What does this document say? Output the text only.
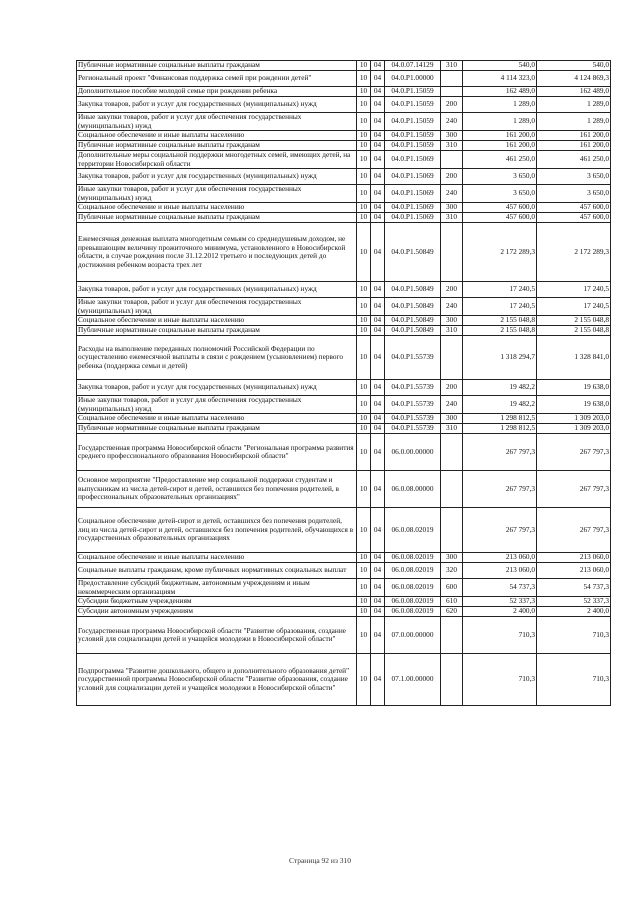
Публичные нормативные социальные выплаты гражданам	10	04	04.0.07.14129	310	540,0	540,0
Региональный проект "Финансовая поддержка семей при рождении детей"	10	04	04.0.P1.00000		4 114 323,0	4 124 869,3
Дополнительное пособие молодой семье при рождении ребенка	10	04	04.0.P1.15059		162 489,0	162 489,0
Закупка товаров, работ и услуг для государственных (муниципальных) нужд	10	04	04.0.P1.15059	200	1 289,0	1 289,0
Иные закупки товаров, работ и услуг для обеспечения государственных (муниципальных) нужд	10	04	04.0.P1.15059	240	1 289,0	1 289,0
Социальное обеспечение и иные выплаты населению	10	04	04.0.P1.15059	300	161 200,0	161 200,0
Публичные нормативные социальные выплаты гражданам	10	04	04.0.P1.15059	310	161 200,0	161 200,0
Дополнительные меры социальной поддержки многодетных семей, имеющих детей, на территории Новосибирской области	10	04	04.0.P1.15069		461 250,0	461 250,0
Закупка товаров, работ и услуг для государственных (муниципальных) нужд	10	04	04.0.P1.15069	200	3 650,0	3 650,0
Иные закупки товаров, работ и услуг для обеспечения государственных (муниципальных) нужд	10	04	04.0.P1.15069	240	3 650,0	3 650,0
Социальное обеспечение и иные выплаты населению	10	04	04.0.P1.15069	300	457 600,0	457 600,0
Публичные нормативные социальные выплаты гражданам	10	04	04.0.P1.15069	310	457 600,0	457 600,0
Ежемесячная денежная выплата многодетным семьям со среднедушевым доходом, не превышающим величину прожиточного минимума, установленного в Новосибирской области, в случае рождения после 31.12.2012 третьего и последующих детей до достижения ребенком возраста трех лет	10	04	04.0.P1.50849		2 172 289,3	2 172 289,3
Закупка товаров, работ и услуг для государственных (муниципальных) нужд	10	04	04.0.P1.50849	200	17 240,5	17 240,5
Иные закупки товаров, работ и услуг для обеспечения государственных (муниципальных) нужд	10	04	04.0.P1.50849	240	17 240,5	17 240,5
Социальное обеспечение и иные выплаты населению	10	04	04.0.P1.50849	300	2 155 048,8	2 155 048,8
Публичные нормативные социальные выплаты гражданам	10	04	04.0.P1.50849	310	2 155 048,8	2 155 048,8
Расходы на выполнение переданных полномочий Российской Федерации по осуществлению ежемесячной выплаты в связи с рождением (усыновлением) первого ребенка (поддержка семьи и детей)	10	04	04.0.P1.55739		1 318 294,7	1 328 841,0
Закупка товаров, работ и услуг для государственных (муниципальных) нужд	10	04	04.0.P1.55739	200	19 482,2	19 638,0
Иные закупки товаров, работ и услуг для обеспечения государственных (муниципальных) нужд	10	04	04.0.P1.55739	240	19 482,2	19 638,0
Социальное обеспечение и иные выплаты населению	10	04	04.0.P1.55739	300	1 298 812,5	1 309 203,0
Публичные нормативные социальные выплаты гражданам	10	04	04.0.P1.55739	310	1 298 812,5	1 309 203,0
Государственная программа Новосибирской области "Региональная программа развития среднего профессионального образования Новосибирской области"	10	04	06.0.00.00000		267 797,3	267 797,3
Основное мероприятие "Предоставление мер социальной поддержки студентам и выпускникам из числа детей-сирот и детей, оставшихся без попечения родителей, в профессиональных образовательных организациях"	10	04	06.0.08.00000		267 797,3	267 797,3
Социальное обеспечение детей-сирот и детей, оставшихся без попечения родителей, лиц из числа детей-сирот и детей, оставшихся без попечения родителей, обучающихся в государственных образовательных организациях	10	04	06.0.08.02019		267 797,3	267 797,3
Социальное обеспечение и иные выплаты населению	10	04	06.0.08.02019	300	213 060,0	213 060,0
Социальные выплаты гражданам, кроме публичных нормативных социальных выплат	10	04	06.0.08.02019	320	213 060,0	213 060,0
Предоставление субсидий бюджетным, автономным учреждениям и иным некоммерческим организациям	10	04	06.0.08.02019	600	54 737,3	54 737,3
Субсидии бюджетным учреждениям	10	04	06.0.08.02019	610	52 337,3	52 337,3
Субсидии автономным учреждениям	10	04	06.0.08.02019	620	2 400,0	2 400,0
Государственная программа Новосибирской области "Развитие образования, создание условий для социализации детей и учащейся молодежи в Новосибирской области"	10	04	07.0.00.00000		710,3	710,3
Подпрограмма "Развитие дошкольного, общего и дополнительного образования детей" государственной программы Новосибирской области "Развитие образования, создание условий для социализации детей и учащейся молодежи в Новосибирской области"	10	04	07.1.00.00000		710,3	710,3
Страница 92 из 310
